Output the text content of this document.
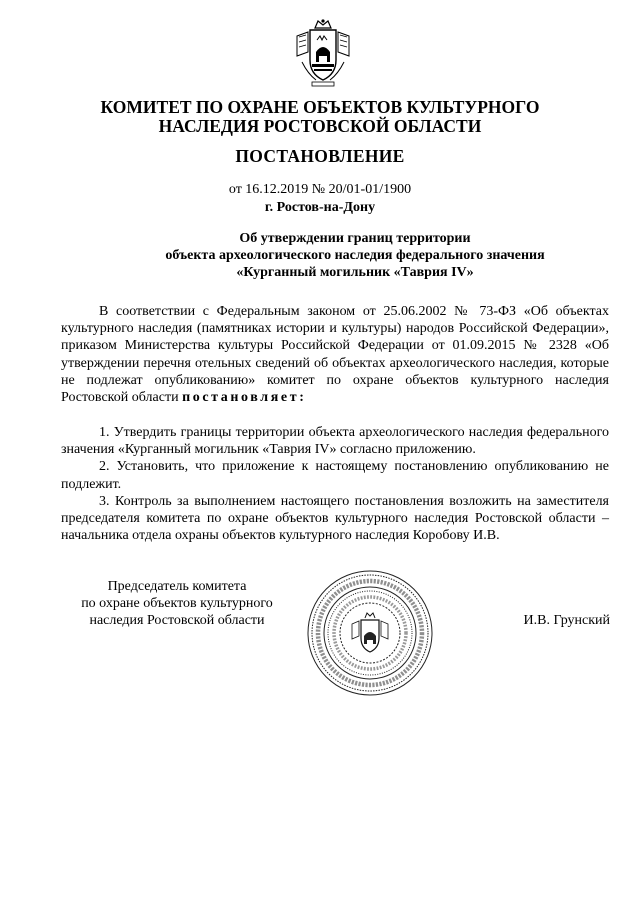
КОМИТЕТ ПО ОХРАНЕ ОБЪЕКТОВ КУЛЬТУРНОГО
НАСЛЕДИЯ РОСТОВСКОЙ ОБЛАСТИ
ПОСТАНОВЛЕНИЕ
от 16.12.2019 № 20/01-01/1900
г. Ростов-на-Дону
Об утверждении границ территории
объекта археологического наследия федерального значения
«Курганный могильник «Таврия IV»
В соответствии с Федеральным законом от 25.06.2002 № 73-ФЗ «Об объектах культурного наследия (памятниках истории и культуры) народов Российской Федерации», приказом Министерства культуры Российской Федерации от 01.09.2015 № 2328 «Об утверждении перечня отельных сведений об объектах археологического наследия, которые не подлежат опубликованию» комитет по охране объектов культурного наследия Ростовской области постановляет:

1. Утвердить границы территории объекта археологического наследия федерального значения «Курганный могильник «Таврия IV» согласно приложению.

2. Установить, что приложение к настоящему постановлению опубликованию не подлежит.

3. Контроль за выполнением настоящего постановления возложить на заместителя председателя комитета по охране объектов культурного наследия Ростовской области – начальника отдела охраны объектов культурного наследия Коробову И.В.

Председатель комитета
по охране объектов культурного
наследия Ростовской области	И.В. Грунский
